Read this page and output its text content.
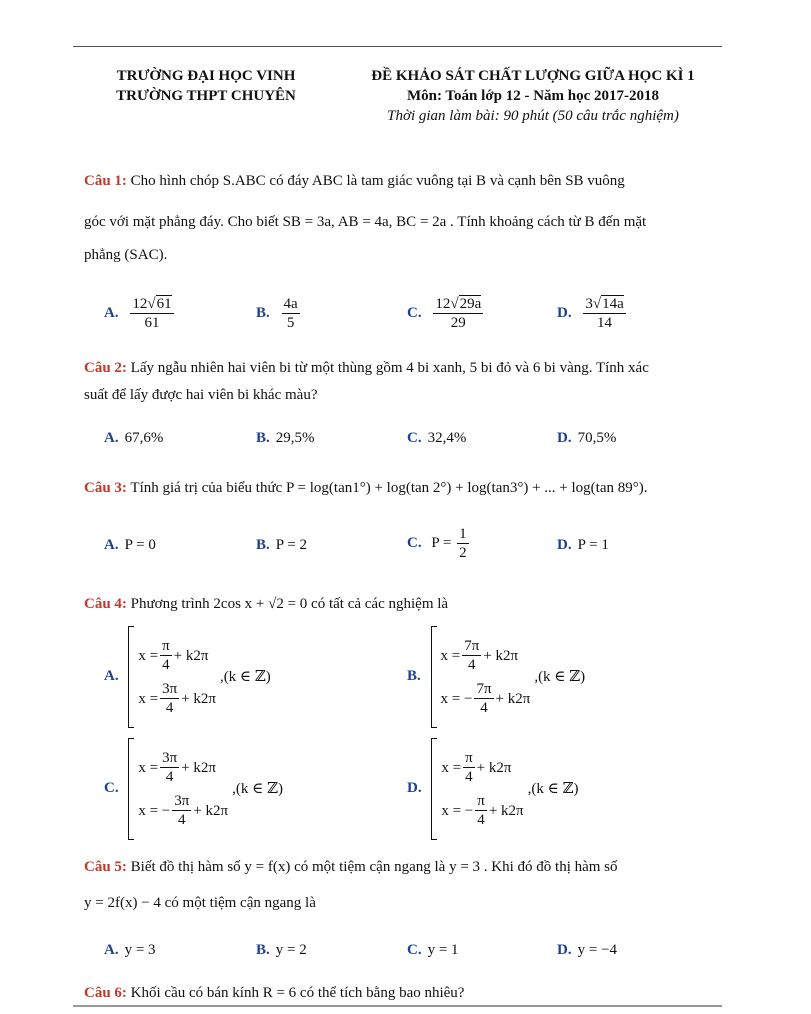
TRƯỜNG ĐẠI HỌC VINH
TRƯỜNG THPT CHUYÊN
ĐỀ KHẢO SÁT CHẤT LƯỢNG GIỮA HỌC KÌ 1
Môn: Toán lớp 12 - Năm học 2017-2018
Thời gian làm bài: 90 phút (50 câu trắc nghiệm)
Câu 1: Cho hình chóp S.ABC có đáy ABC là tam giác vuông tại B và cạnh bên SB vuông
góc với mặt phẳng đáy. Cho biết SB = 3a, AB = 4a, BC = 2a . Tính khoảng cách từ B đến mặt
phẳng (SAC).
A. $\frac{12√61}{61}$	B. $\frac{4a}{5}$	C. $\frac{12√29a}{29}$	D. $\frac{3√14a}{14}$
Câu 2: Lấy ngẫu nhiên hai viên bi từ một thùng gồm 4 bi xanh, 5 bi đỏ và 6 bi vàng. Tính xác
suất để lấy được hai viên bi khác màu?
A. 67,6%	B. 29,5%	C. 32,4%	D. 70,5%
Câu 3: Tính giá trị của biểu thức P = log(tan1°) + log(tan 2°) + log(tan3°) + ... + log(tan 89°).
A. P = 0	B. P = 2	C. $P = \frac{1}{2}$	D. P = 1
Câu 4: Phương trình 2cos x + √2 = 0 có tất cả các nghiệm là
A.
$x = \frac{\pi}{4} + k2\pi$
$x = \frac{3\pi}{4} + k2\pi$
,(k ∈ ℤ)	B.
$x = \frac{7\pi}{4} + k2\pi$
x = − $\frac{7\pi}{4} + k2\pi$
,(k ∈ ℤ)
C.
$x = \frac{3\pi}{4} + k2\pi$
x = − $\frac{3\pi}{4} + k2\pi$
,(k ∈ ℤ)	D.
$x = \frac{\pi}{4} + k2\pi$
x = − $\frac{\pi}{4} + k2\pi$
,(k ∈ ℤ)
Câu 5: Biết đồ thị hàm số y = f(x) có một tiệm cận ngang là y = 3 . Khi đó đồ thị hàm số
y = 2f(x) − 4 có một tiệm cận ngang là
A. y = 3	B. y = 2	C. y = 1	D. y = −4
Câu 6: Khối cầu có bán kính R = 6 có thể tích bằng bao nhiêu?
